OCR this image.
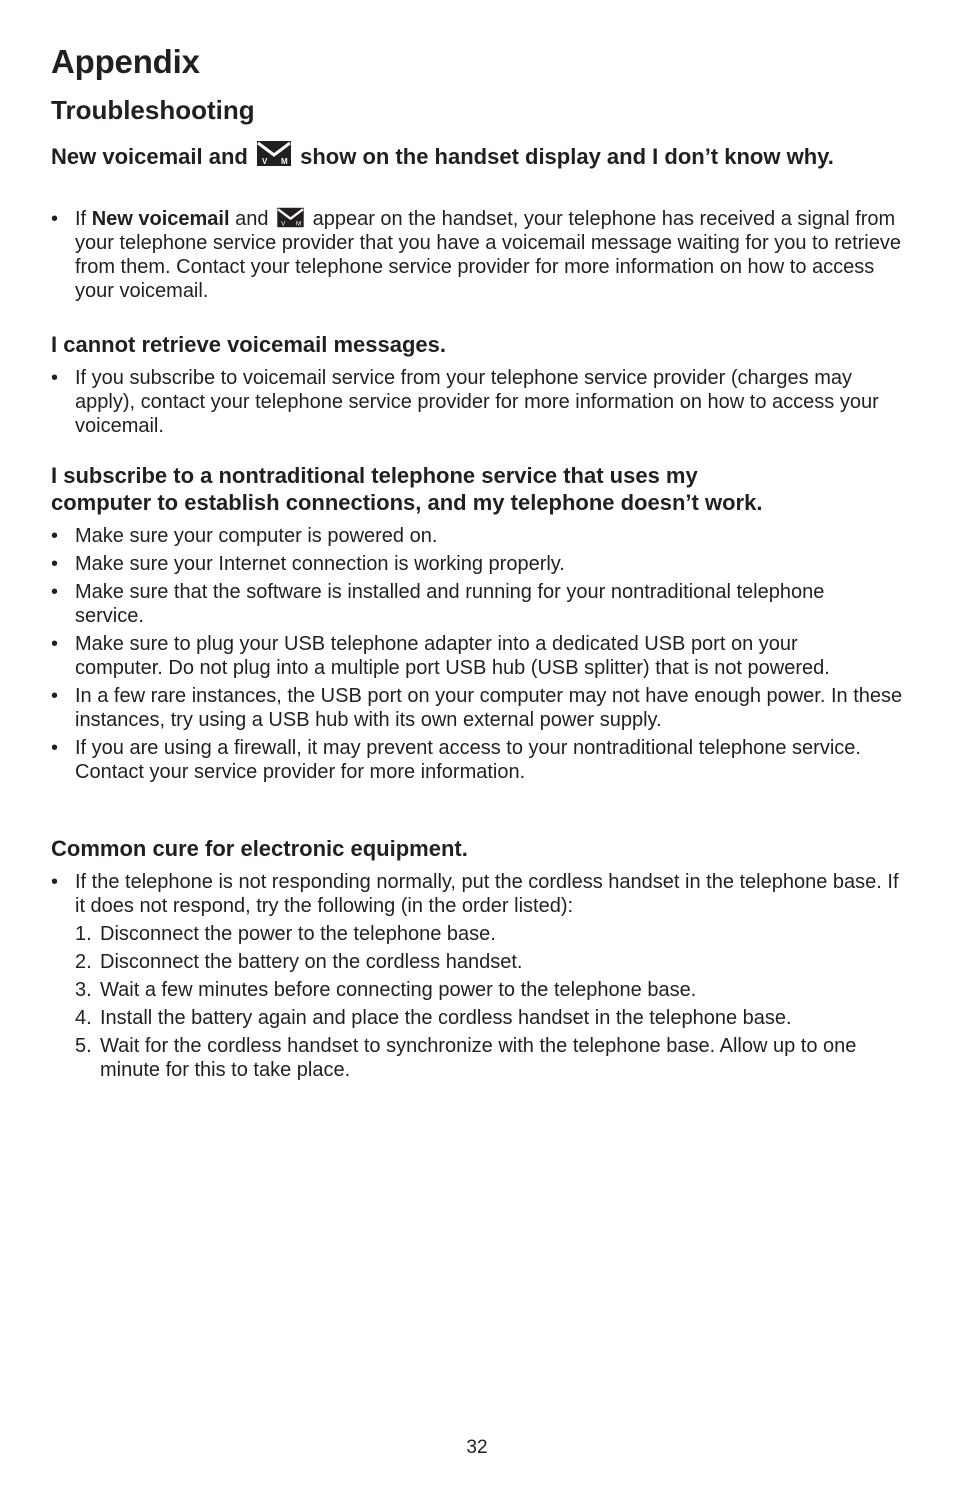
Appendix
Troubleshooting

New voicemail and V M show on the handset display and I don’t know why.

• If New voicemail and V M appear on the handset, your telephone has received a signal from your telephone service provider that you have a voicemail message waiting for you to retrieve from them. Contact your telephone service provider for more information on how to access your voicemail.

I cannot retrieve voicemail messages.

• If you subscribe to voicemail service from your telephone service provider (charges may apply), contact your telephone service provider for more information on how to access your voicemail.

I subscribe to a nontraditional telephone service that uses my
computer to establish connections, and my telephone doesn’t work.

• Make sure your computer is powered on.
• Make sure your Internet connection is working properly.
• Make sure that the software is installed and running for your nontraditional telephone service.
• Make sure to plug your USB telephone adapter into a dedicated USB port on your computer. Do not plug into a multiple port USB hub (USB splitter) that is not powered.
• In a few rare instances, the USB port on your computer may not have enough power. In these instances, try using a USB hub with its own external power supply.
• If you are using a firewall, it may prevent access to your nontraditional telephone service. Contact your service provider for more information.

Common cure for electronic equipment.

• If the telephone is not responding normally, put the cordless handset in the telephone base. If it does not respond, try the following (in the order listed):
1. Disconnect the power to the telephone base.
2. Disconnect the battery on the cordless handset.
3. Wait a few minutes before connecting power to the telephone base.
4. Install the battery again and place the cordless handset in the telephone base.
5. Wait for the cordless handset to synchronize with the telephone base. Allow up to one minute for this to take place.
32
